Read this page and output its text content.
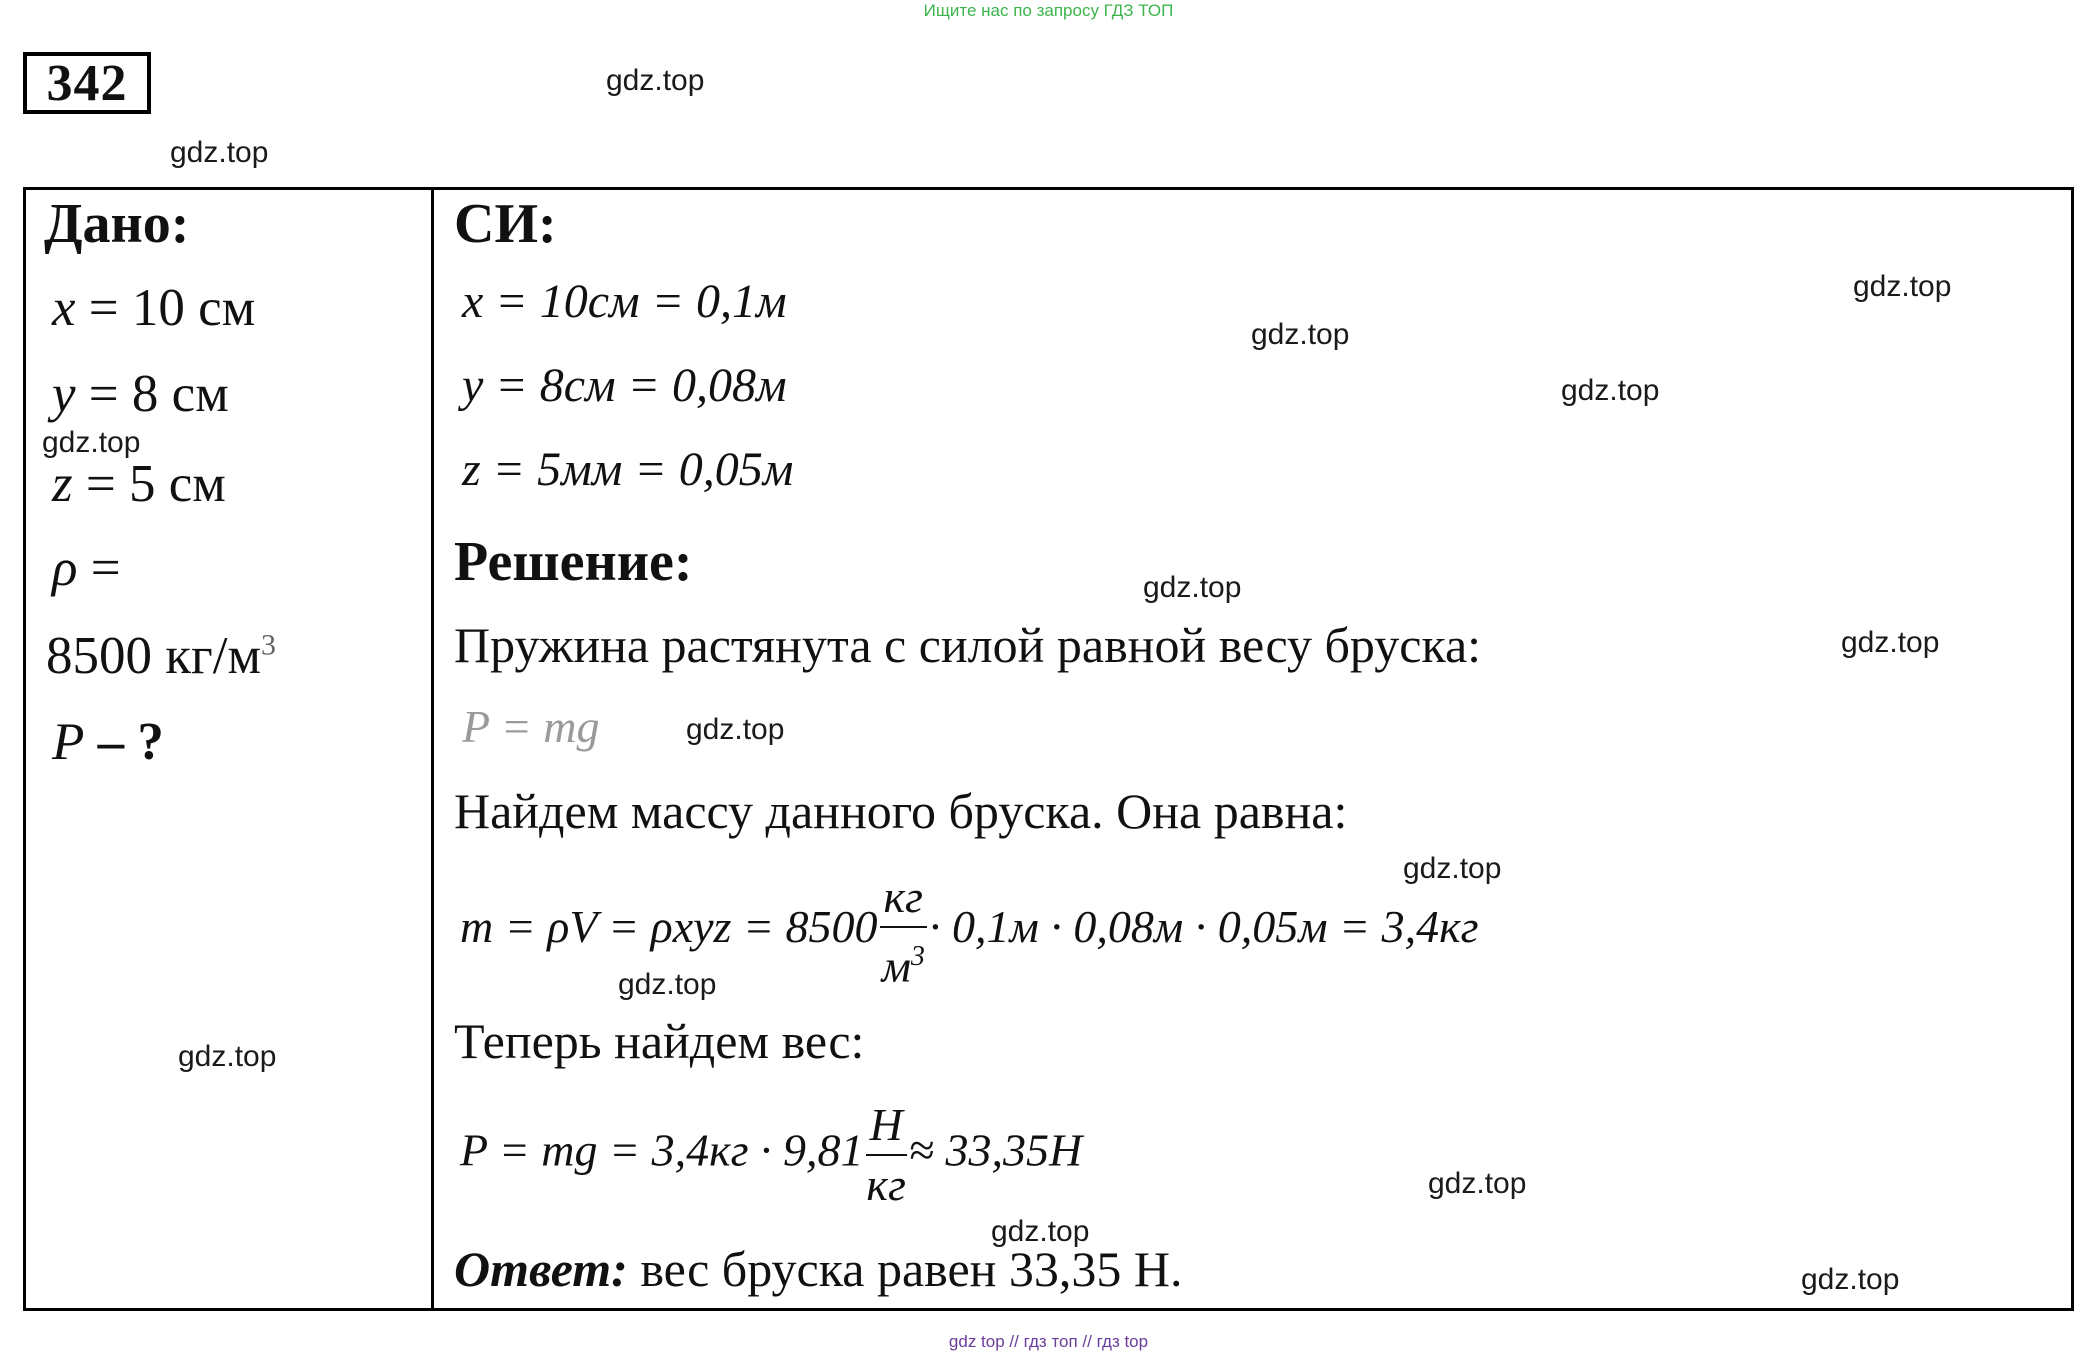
Ищите нас по запросу ГДЗ ТОП
342	gdz.top
gdz.top
gdz.top
gdz.top
gdz.top
gdz.top
gdz.top
gdz.top
gdz.top
gdz.top
gdz.top
gdz.top
gdz.top
gdz.top
gdz.top
Дано:
x = 10 см
y = 8 см
z = 5 см
ρ =
8500 $кг/м^3$
P – ?
СИ:
x = 10см = 0,1м
y = 8см = 0,08м
z = 5мм = 0,05м
Решение:
Пружина растянута с силой равной весу бруска:
P = mg
Найдем массу данного бруска. Она равна:
$m = \rho V = \rho xyz = 8500 \frac{кг}{м^3} \cdot 0,1м \cdot 0,08м \cdot 0,05м = 3,4кг$
Теперь найдем вес:
P = mg = $3,4кг \cdot 9,81 \frac{Н}{кг} \approx 33,35Н$
Ответ: вес бруска равен 33,35 Н.
gdz top // гдз топ // гдз top
